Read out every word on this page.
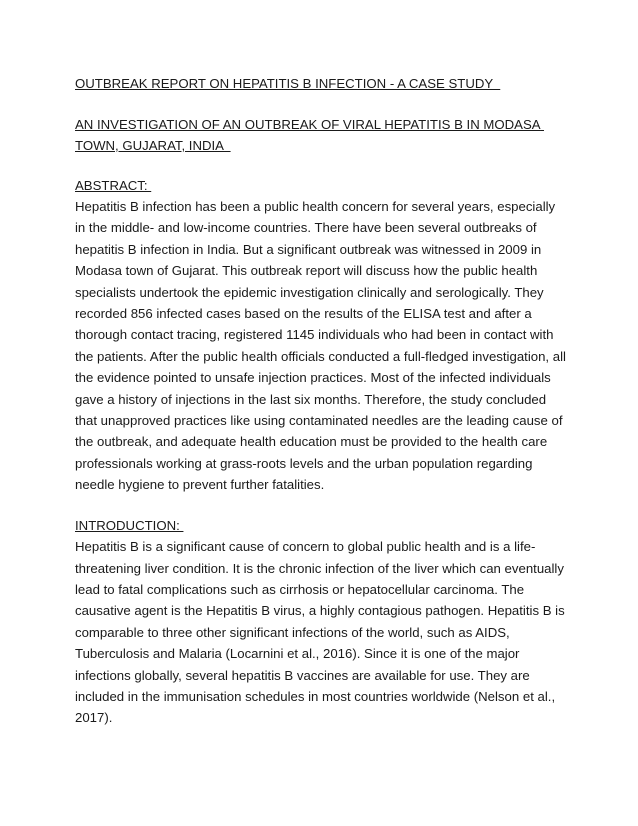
OUTBREAK REPORT ON HEPATITIS B INFECTION - A CASE STUDY

AN INVESTIGATION OF AN OUTBREAK OF VIRAL HEPATITIS B IN MODASA TOWN, GUJARAT, INDIA

ABSTRACT:

Hepatitis B infection has been a public health concern for several years, especially in the middle- and low-income countries. There have been several outbreaks of hepatitis B infection in India. But a significant outbreak was witnessed in 2009 in Modasa town of Gujarat. This outbreak report will discuss how the public health specialists undertook the epidemic investigation clinically and serologically. They recorded 856 infected cases based on the results of the ELISA test and after a thorough contact tracing, registered 1145 individuals who had been in contact with the patients. After the public health officials conducted a full-fledged investigation, all the evidence pointed to unsafe injection practices. Most of the infected individuals gave a history of injections in the last six months. Therefore, the study concluded that unapproved practices like using contaminated needles are the leading cause of the outbreak, and adequate health education must be provided to the health care professionals working at grass-roots levels and the urban population regarding needle hygiene to prevent further fatalities.

INTRODUCTION:

Hepatitis B is a significant cause of concern to global public health and is a life-threatening liver condition. It is the chronic infection of the liver which can eventually lead to fatal complications such as cirrhosis or hepatocellular carcinoma. The causative agent is the Hepatitis B virus, a highly contagious pathogen. Hepatitis B is comparable to three other significant infections of the world, such as AIDS, Tuberculosis and Malaria (Locarnini et al., 2016). Since it is one of the major infections globally, several hepatitis B vaccines are available for use. They are included in the immunisation schedules in most countries worldwide (Nelson et al., 2017).
